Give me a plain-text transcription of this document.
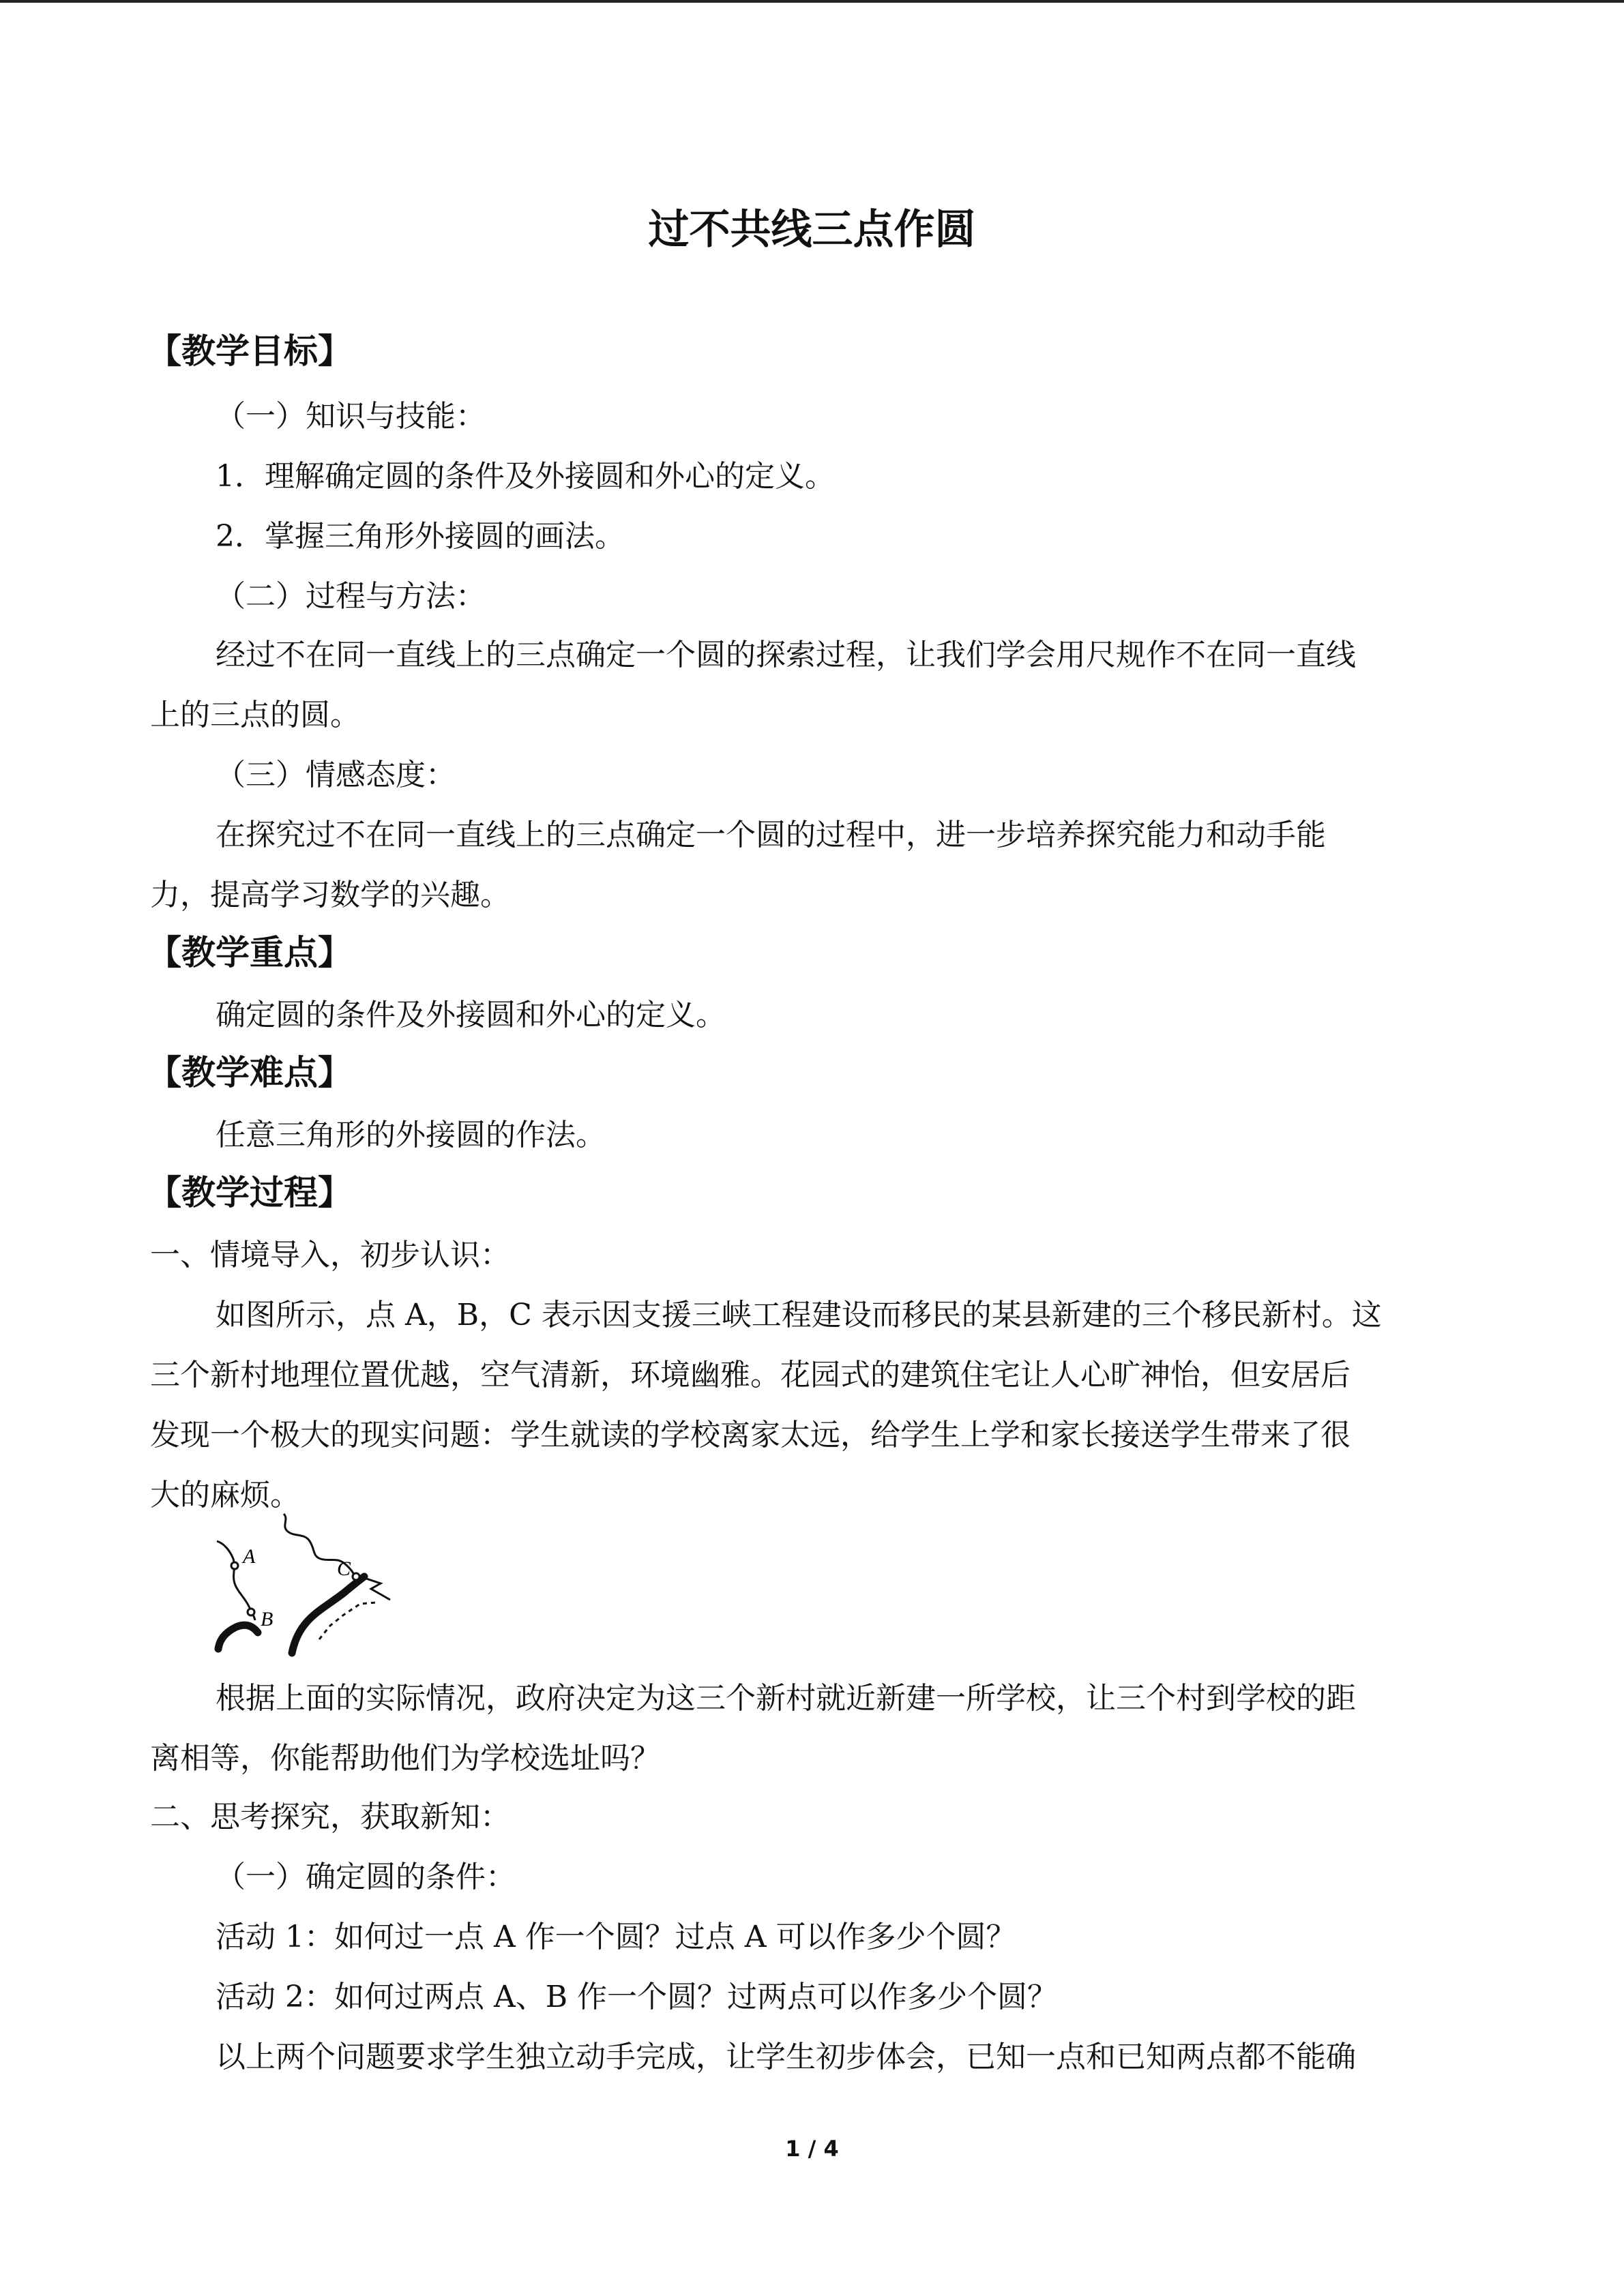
过不共线三点作圆
【教学目标】
（一）知识与技能：
1．理解确定圆的条件及外接圆和外心的定义。
2．掌握三角形外接圆的画法。
（二）过程与方法：
经过不在同一直线上的三点确定一个圆的探索过程，让我们学会用尺规作不在同一直线
上的三点的圆。
（三）情感态度：
在探究过不在同一直线上的三点确定一个圆的过程中，进一步培养探究能力和动手能
力，提高学习数学的兴趣。
【教学重点】
确定圆的条件及外接圆和外心的定义。
【教学难点】
任意三角形的外接圆的作法。
【教学过程】
一、情境导入，初步认识：
如图所示，点 A，B，C 表示因支援三峡工程建设而移民的某县新建的三个移民新村。这
三个新村地理位置优越，空气清新，环境幽雅。花园式的建筑住宅让人心旷神怡，但安居后
发现一个极大的现实问题：学生就读的学校离家太远，给学生上学和家长接送学生带来了很
大的麻烦。
A
B
C
根据上面的实际情况，政府决定为这三个新村就近新建一所学校，让三个村到学校的距
离相等，你能帮助他们为学校选址吗？
二、思考探究，获取新知：
（一）确定圆的条件：
活动 1：如何过一点 A 作一个圆？过点 A 可以作多少个圆？
活动 2：如何过两点 A、B 作一个圆？过两点可以作多少个圆？
以上两个问题要求学生独立动手完成，让学生初步体会，已知一点和已知两点都不能确
1 / 4
